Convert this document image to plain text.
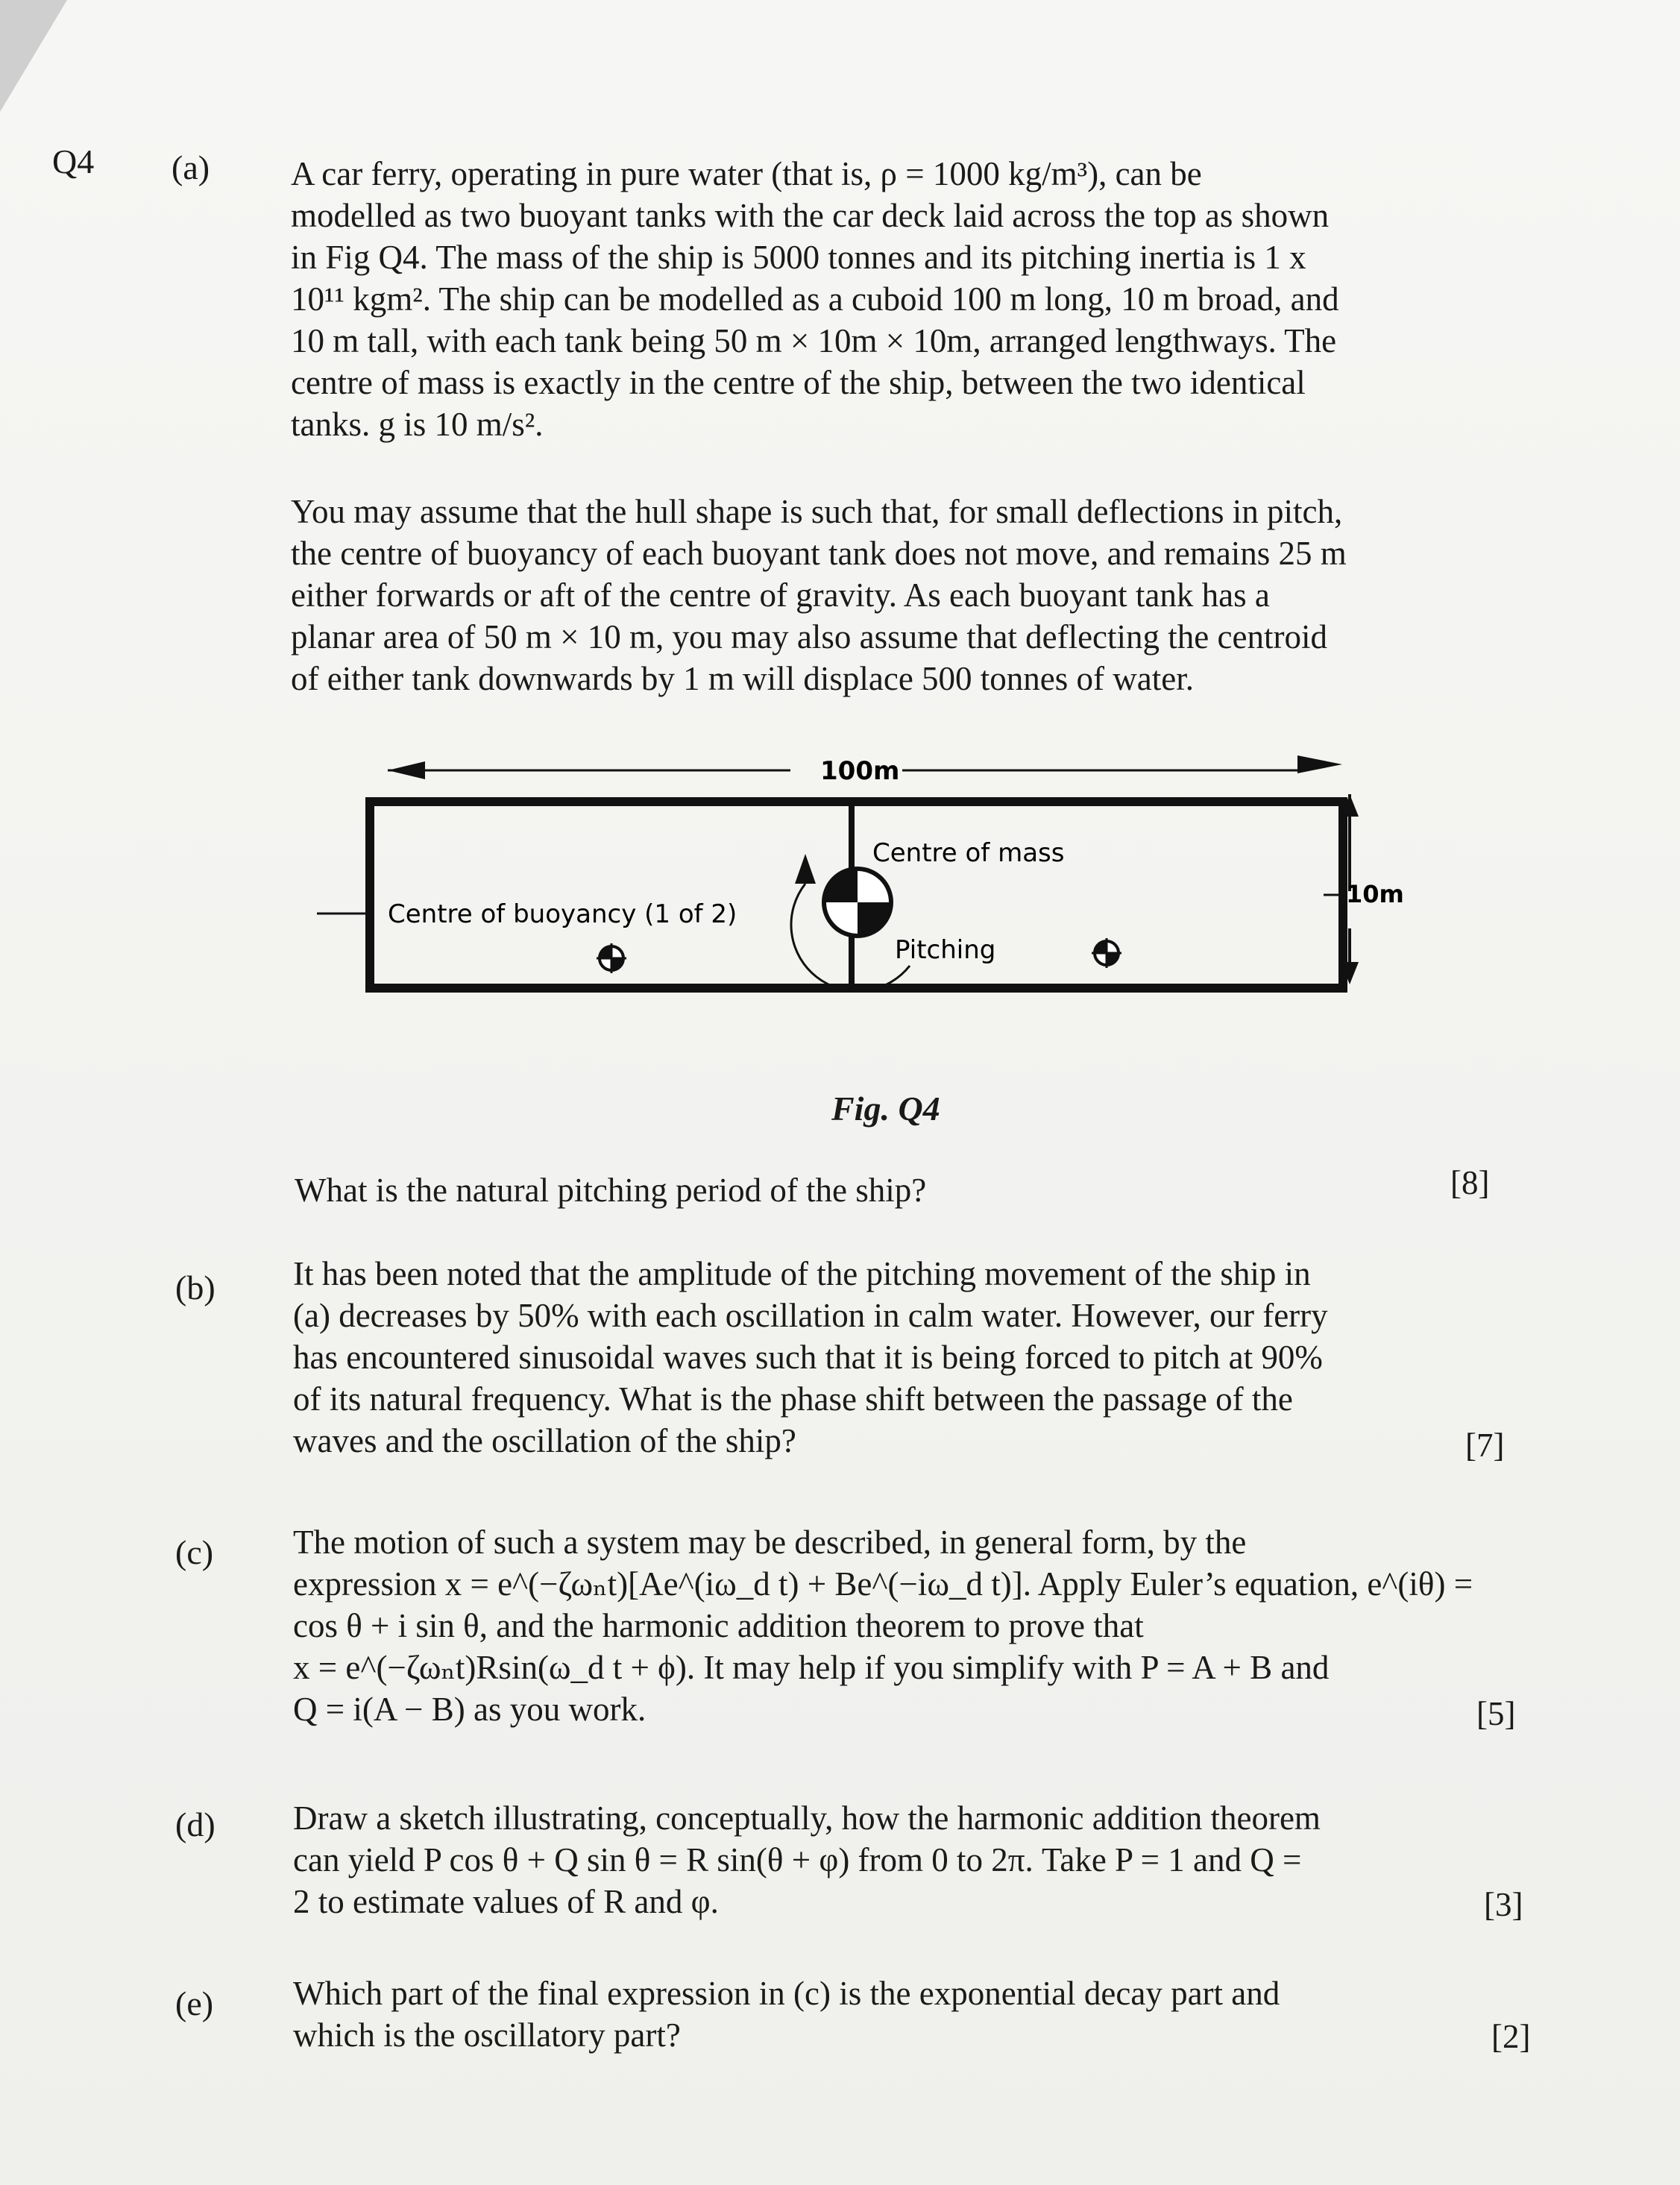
Q4 (a) A car ferry, operating in pure water (that is, ρ = 1000 kg/m³), can be
modelled as two buoyant tanks with the car deck laid across the top as shown
in Fig Q4. The mass of the ship is 5000 tonnes and its pitching inertia is 1 x
10¹¹ kgm². The ship can be modelled as a cuboid 100 m long, 10 m broad, and
10 m tall, with each tank being 50 m × 10m × 10m, arranged lengthways. The
centre of mass is exactly in the centre of the ship, between the two identical
tanks. g is 10 m/s².
You may assume that the hull shape is such that, for small deflections in pitch,
the centre of buoyancy of each buoyant tank does not move, and remains 25 m
either forwards or aft of the centre of gravity. As each buoyant tank has a
planar area of 50 m × 10 m, you may also assume that deflecting the centroid
of either tank downwards by 1 m will displace 500 tonnes of water.
100m
Centre of mass
Centre of buoyancy (1 of 2)
Pitching
10m
Fig. Q4
What is the natural pitching period of the ship?	[8]
(b) It has been noted that the amplitude of the pitching movement of the ship in
(a) decreases by 50% with each oscillation in calm water. However, our ferry
has encountered sinusoidal waves such that it is being forced to pitch at 90%
of its natural frequency. What is the phase shift between the passage of the
waves and the oscillation of the ship?	[7]
(c) The motion of such a system may be described, in general form, by the
expression x = e^(−ζωₙt)[Ae^(iω_d t) + Be^(−iω_d t)]. Apply Euler’s equation, e^(iθ) =
cos θ + i sin θ, and the harmonic addition theorem to prove that
x = e^(−ζωₙt)Rsin(ω_d t + ϕ). It may help if you simplify with P = A + B and
Q = i(A − B) as you work.	[5]
(d) Draw a sketch illustrating, conceptually, how the harmonic addition theorem
can yield P cos θ + Q sin θ = R sin(θ + φ) from 0 to 2π. Take P = 1 and Q =
2 to estimate values of R and φ.	[3]
(e) Which part of the final expression in (c) is the exponential decay part and
which is the oscillatory part?	[2]
